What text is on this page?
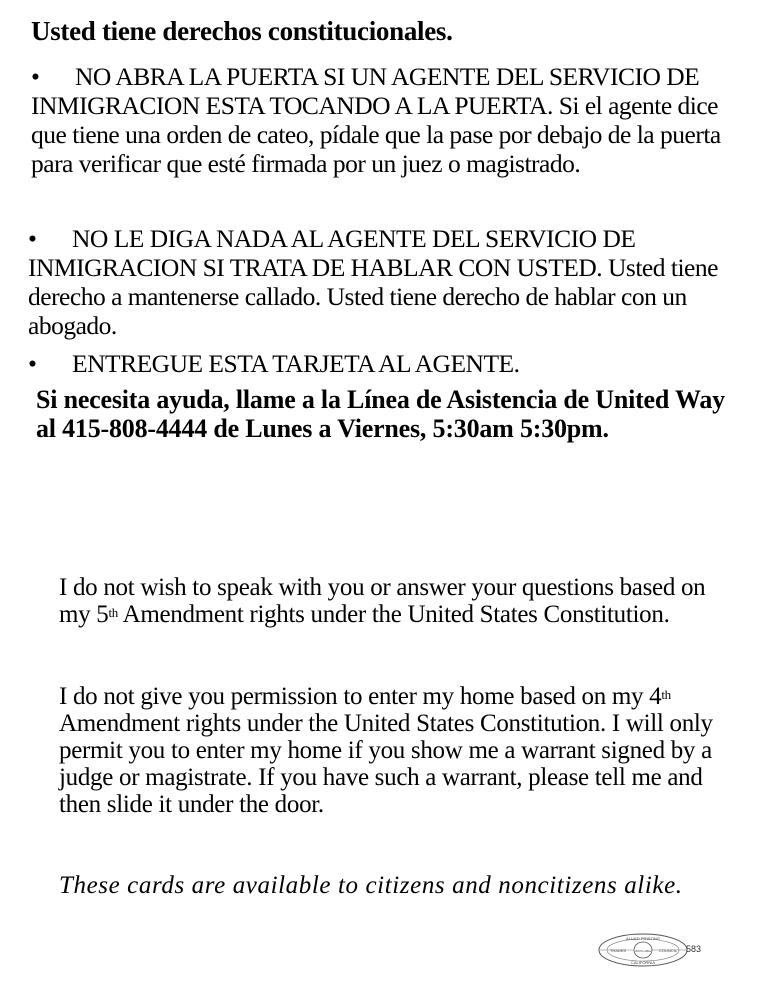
Usted tiene derechos constitucionales.
• NO ABRA LA PUERTA SI UN AGENTE DEL SERVICIO DE INMIGRACION ESTA TOCANDO A LA PUERTA. Si el agente dice que tiene una orden de cateo, pídale que la pase por debajo de la puerta para verificar que esté firmada por un juez o magistrado.
• NO LE DIGA NADA AL AGENTE DEL SERVICIO DE INMIGRACION SI TRATA DE HABLAR CON USTED. Usted tiene derecho a mantenerse callado. Usted tiene derecho de hablar con un abogado.
• ENTREGUE ESTA TARJETA AL AGENTE.
Si necesita ayuda, llame a la Línea de Asistencia de United Way al 415-808-4444 de Lunes a Viernes, 5:30am 5:30pm.
I do not wish to speak with you or answer your questions based on my 5th Amendment rights under the United States Constitution.
I do not give you permission to enter my home based on my 4th Amendment rights under the United States Constitution. I will only permit you to enter my home if you show me a warrant signed by a judge or magistrate. If you have such a warrant, please tell me and then slide it under the door.
These cards are available to citizens and noncitizens alike.
ALLIED PRINTING
TRADES	UNION LABEL COUNCIL
CALIFORNIA
583
